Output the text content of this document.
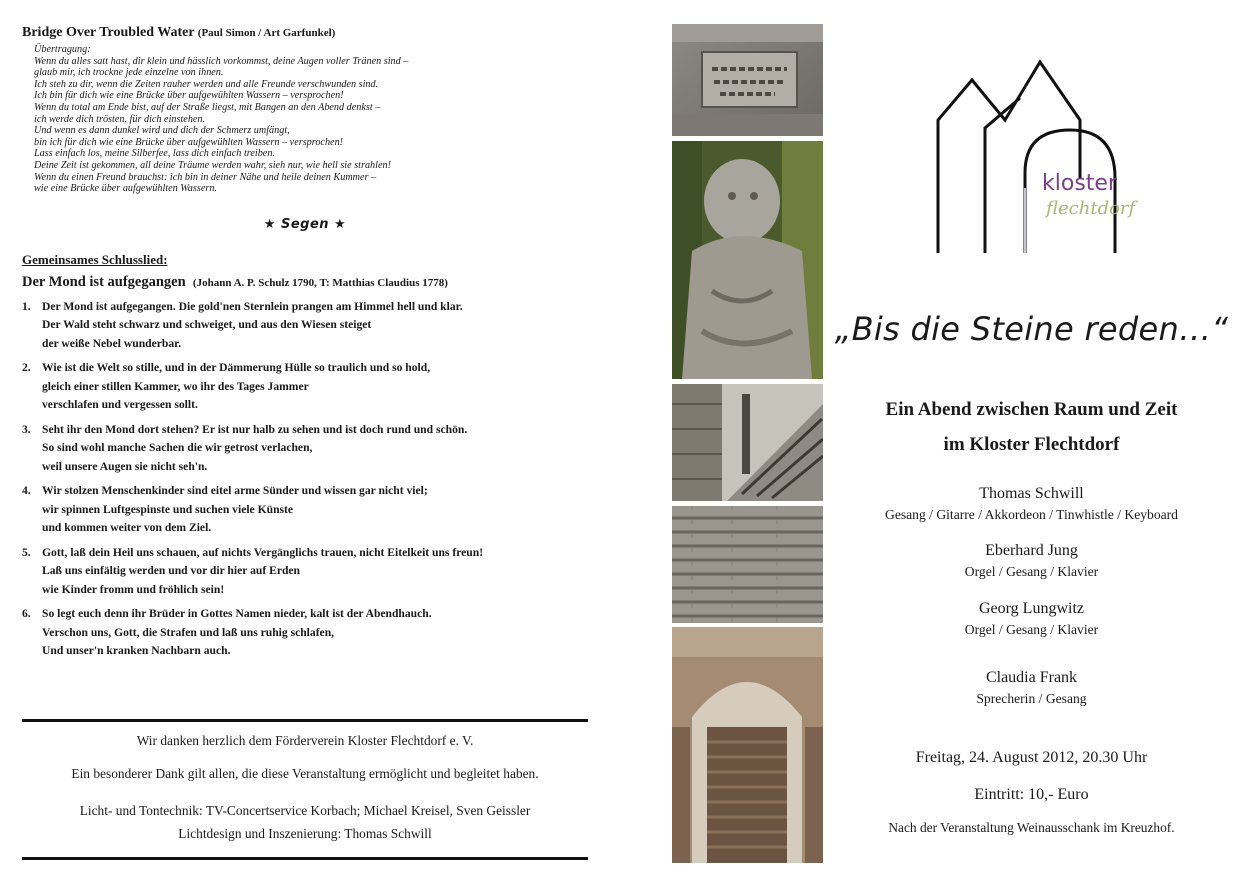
Bridge Over Troubled Water (Paul Simon / Art Garfunkel)
Übertragung:
Wenn du alles satt hast, dir klein und hässlich vorkommst, deine Augen voller Tränen sind –
glaub mir, ich trockne jede einzelne von ihnen.
Ich steh zu dir, wenn die Zeiten rauher werden und alle Freunde verschwunden sind.
Ich bin für dich wie eine Brücke über aufgewühlten Wassern – versprochen!
Wenn du total am Ende bist, auf der Straße liegst, mit Bangen an den Abend denkst –
ich werde dich trösten, für dich einstehen.
Und wenn es dann dunkel wird und dich der Schmerz umfängt,
bin ich für dich wie eine Brücke über aufgewühlten Wassern – versprochen!
Lass einfach los, meine Silberfee, lass dich einfach treiben.
Deine Zeit ist gekommen, all deine Träume werden wahr, sieh nur, wie hell sie strahlen!
Wenn du einen Freund brauchst: ich bin in deiner Nähe und heile deinen Kummer –
wie eine Brücke über aufgewühlten Wassern.
★ Segen ★
Gemeinsames Schlusslied:
Der Mond ist aufgegangen (Johann A. P. Schulz 1790, T: Matthias Claudius 1778)
1. Der Mond ist aufgegangen. Die gold'nen Sternlein prangen am Himmel hell und klar.
Der Wald steht schwarz und schweiget, und aus den Wiesen steiget
der weiße Nebel wunderbar.
2. Wie ist die Welt so stille, und in der Dämmerung Hülle so traulich und so hold,
gleich einer stillen Kammer, wo ihr des Tages Jammer
verschlafen und vergessen sollt.
3. Seht ihr den Mond dort stehen? Er ist nur halb zu sehen und ist doch rund und schön.
So sind wohl manche Sachen die wir getrost verlachen,
weil unsere Augen sie nicht seh'n.
4. Wir stolzen Menschenkinder sind eitel arme Sünder und wissen gar nicht viel;
wir spinnen Luftgespinste und suchen viele Künste
und kommen weiter von dem Ziel.
5. Gott, laß dein Heil uns schauen, auf nichts Vergänglichs trauen, nicht Eitelkeit uns freun!
Laß uns einfältig werden und vor dir hier auf Erden
wie Kinder fromm und fröhlich sein!
6. So legt euch denn ihr Brüder in Gottes Namen nieder, kalt ist der Abendhauch.
Verschon uns, Gott, die Strafen und laß uns ruhig schlafen,
Und unser'n kranken Nachbarn auch.

Wir danken herzlich dem Förderverein Kloster Flechtdorf e. V.

Ein besonderer Dank gilt allen, die diese Veranstaltung ermöglicht und begleitet haben.

Licht- und Tontechnik: TV-Concertservice Korbach; Michael Kreisel, Sven Geissler

Lichtdesign und Inszenierung: Thomas Schwill

kloster
flechtdorf
„Bis die Steine reden…“
Ein Abend zwischen Raum und Zeit
im Kloster Flechtdorf
Thomas Schwill
Gesang / Gitarre / Akkordeon / Tinwhistle / Keyboard
Eberhard Jung
Orgel / Gesang / Klavier
Georg Lungwitz
Orgel / Gesang / Klavier
Claudia Frank
Sprecherin / Gesang
Freitag, 24. August 2012, 20.30 Uhr
Eintritt: 10,- Euro
Nach der Veranstaltung Weinausschank im Kreuzhof.
